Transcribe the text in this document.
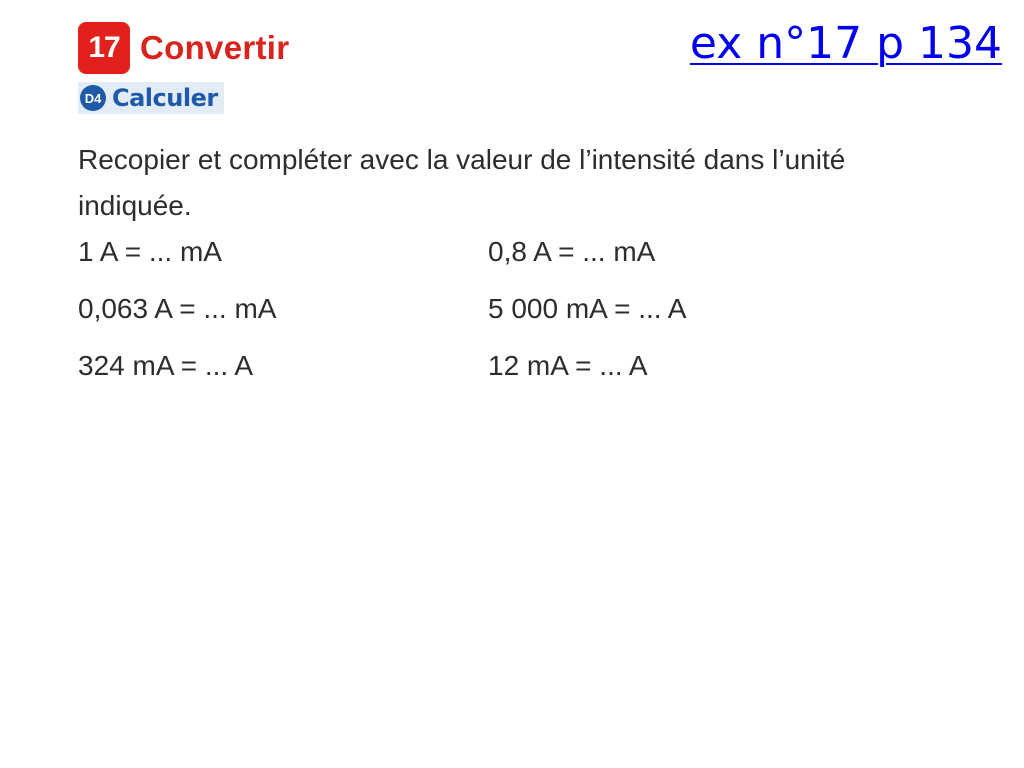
ex n°17 p 134
17 Convertir
D4 Calculer
Recopier et compléter avec la valeur de l’intensité dans l’unité indiquée.
1 A = ... mA	0,8 A = ... mA
0,063 A = ... mA	5 000 mA = ... A
324 mA = ... A	12 mA = ... A
